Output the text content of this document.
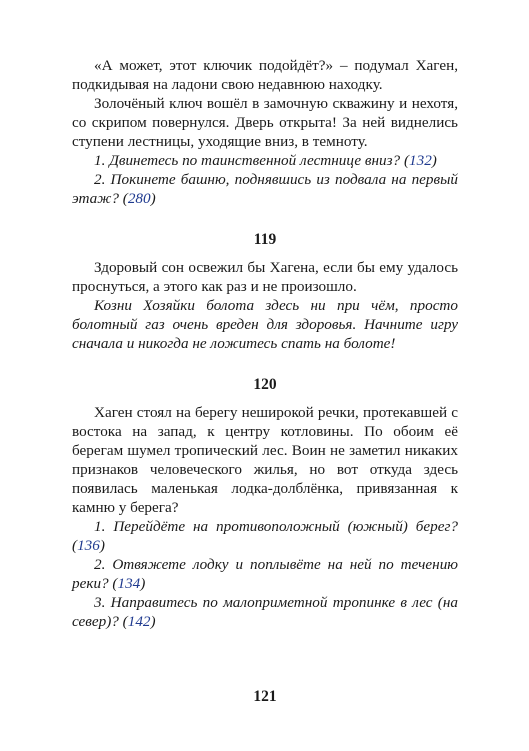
«А может, этот ключик подойдёт?» – подумал Хаген, подкидывая на ладони свою недавнюю находку.

Золочёный ключ вошёл в замочную скважину и нехотя, со скрипом повернулся. Дверь открыта! За ней виднелись ступени лестницы, уходящие вниз, в темноту.

1. Двинетесь по таинственной лестнице вниз? (132)

2. Покинете башню, поднявшись из подвала на первый этаж? (280)

119

Здоровый сон освежил бы Хагена, если бы ему удалось проснуться, а этого как раз и не произошло.

Козни Хозяйки болота здесь ни при чём, просто болотный газ очень вреден для здоровья. Начните игру сначала и никогда не ложитесь спать на болоте!

120

Хаген стоял на берегу неширокой речки, протекавшей с востока на запад, к центру котловины. По обоим её берегам шумел тропический лес. Воин не заметил никаких признаков человеческого жилья, но вот откуда здесь появилась маленькая лодка-долблёнка, привязанная к камню у берега?

1. Перейдёте на противоположный (южный) берег? (136)

2. Отвяжете лодку и поплывёте на ней по течению реки? (134)

3. Направитесь по малоприметной тропинке в лес (на север)? (142)

121
